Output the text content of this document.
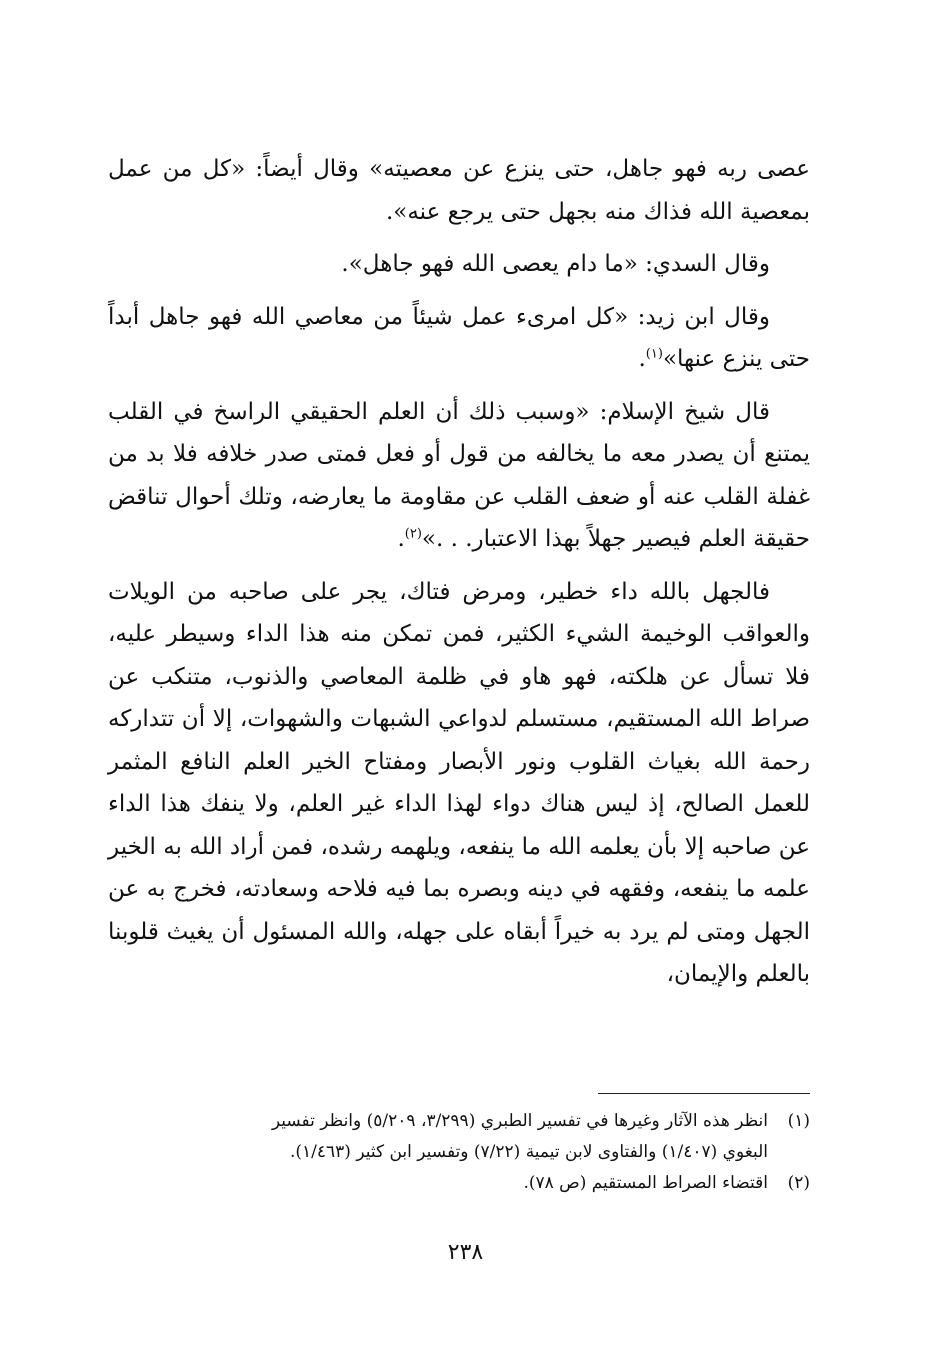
عصى ربه فهو جاهل، حتى ينزع عن معصيته» وقال أيضاً: «كل من عمل بمعصية الله فذاك منه بجهل حتى يرجع عنه».

وقال السدي: «ما دام يعصى الله فهو جاهل».

وقال ابن زيد: «كل امرىء عمل شيئاً من معاصي الله فهو جاهل أبداً حتى ينزع عنها»$^{(١)}$.

قال شيخ الإسلام: «وسبب ذلك أن العلم الحقيقي الراسخ في القلب يمتنع أن يصدر معه ما يخالفه من قول أو فعل فمتى صدر خلافه فلا بد من غفلة القلب عنه أو ضعف القلب عن مقاومة ما يعارضه، وتلك أحوال تناقض حقيقة العلم فيصير جهلاً بهذا الاعتبار. . .»$^{(٢)}$.

فالجهل بالله داء خطير، ومرض فتاك، يجر على صاحبه من الويلات والعواقب الوخيمة الشيء الكثير، فمن تمكن منه هذا الداء وسيطر عليه، فلا تسأل عن هلكته، فهو هاو في ظلمة المعاصي والذنوب، متنكب عن صراط الله المستقيم، مستسلم لدواعي الشبهات والشهوات، إلا أن تتداركه رحمة الله بغياث القلوب ونور الأبصار ومفتاح الخير العلم النافع المثمر للعمل الصالح، إذ ليس هناك دواء لهذا الداء غير العلم، ولا ينفك هذا الداء عن صاحبه إلا بأن يعلمه الله ما ينفعه، ويلهمه رشده، فمن أراد الله به الخير علمه ما ينفعه، وفقهه في دينه وبصره بما فيه فلاحه وسعادته، فخرج به عن الجهل ومتى لم يرد به خيراً أبقاه على جهله، والله المسئول أن يغيث قلوبنا بالعلم والإيمان،

(١)انظر هذه الآثار وغيرها في تفسير الطبري (٣/٢٩٩، ٥/٢٠٩) وانظر تفسير

البغوي (١/٤٠٧) والفتاوى لابن تيمية (٧/٢٢) وتفسير ابن كثير (١/٤٦٣).

(٢)اقتضاء الصراط المستقيم (ص ٧٨).

٢٣٨
